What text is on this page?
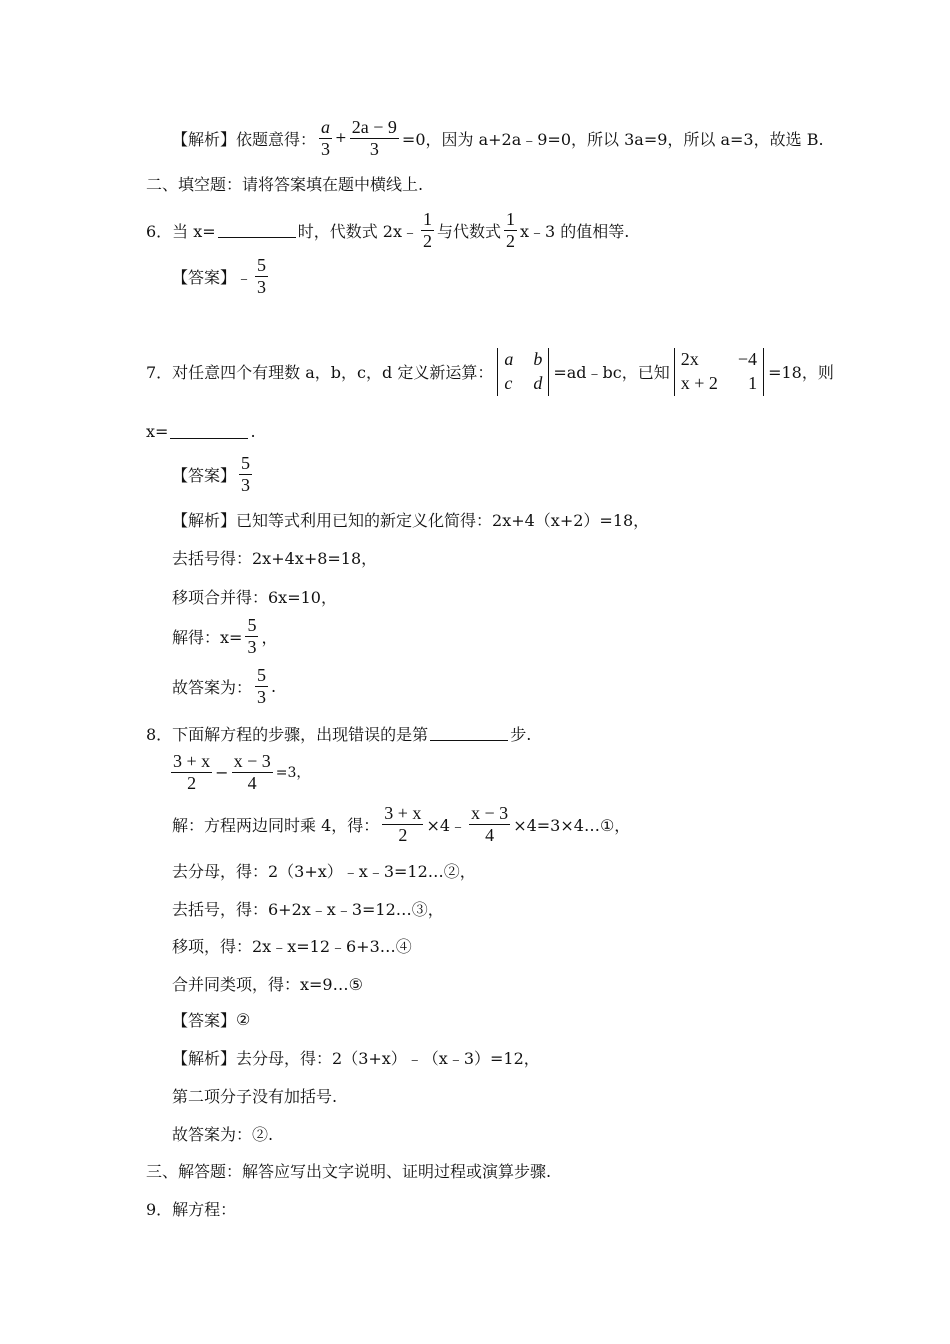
【解析】 依题意得： $\frac{a}{3} + \frac{2a - 9}{3} =0$，因为 a+2a﹣9=0，所以 3a=9，所以 a=3，故选 B.
二、填空题：请将答案填在题中横线上.
6．当 x=	时，代数式 2x﹣ $\frac{1}{2}$ 与代数式 $\frac{1}{2}$ x﹣3 的值相等.
【答案】 ﹣ $\frac{5}{3}$
7．对任意四个有理数 a，b，c，d 定义新运算：
a b
c d =ad﹣bc，已知
2x	−4
x + 2	1 =18，则
x=	.
【答案】 $\frac{5}{3}$
【解析】 已知等式利用已知的新定义化简得：2x+4（x+2）=18，
去括号得：2x+4x+8=18，
移项合并得：6x=10，
解得：$x= \frac{5}{3}$ ，
故答案为： $\frac{5}{3}$ .
8．下面解方程的步骤，出现错误的是第	步.
$\frac{3 + x}{2} - \frac{x - 3}{4} =3$，
解：方程两边同时乘 4，得： $\frac{3 + x}{2}$ ×4﹣ $\frac{x - 3}{4}$ ×4=3×4…①，
去分母，得：2（3+x）﹣x﹣3=12…②，
去括号，得：6+2x﹣x﹣3=12…③，
移项，得：2x﹣x=12﹣6+3…④
合并同类项，得：x=9…⑤
【答案】 ②
【解析】 去分母，得：2（3+x）﹣（x﹣3）=12，
第二项分子没有加括号.
故答案为：②.
三、解答题：解答应写出文字说明、证明过程或演算步骤.
9．解方程：
